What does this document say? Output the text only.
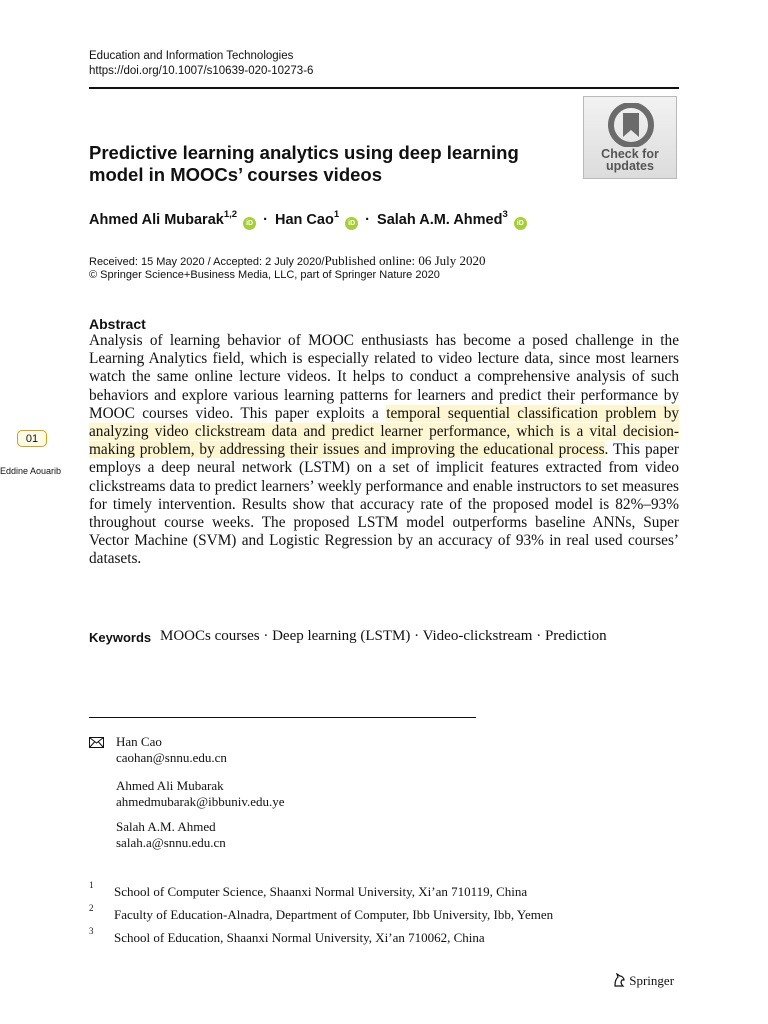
Education and Information Technologies
https://doi.org/10.1007/s10639-020-10273-6
Check for
updates
Predictive learning analytics using deep learning
model in MOOCs’ courses videos
Ahmed Ali Mubarak$^{1,2}$ iD · Han Cao$^1$ iD · Salah A.M. Ahmed$^3$ iD
Received: 15 May 2020 / Accepted: 2 July 2020/Published online: 06 July 2020
© Springer Science+Business Media, LLC, part of Springer Nature 2020
Abstract
Analysis of learning behavior of MOOC enthusiasts has become a posed challenge in the Learning Analytics field, which is especially related to video lecture data, since most learners watch the same online lecture videos. It helps to conduct a comprehensive analysis of such behaviors and explore various learning patterns for learners and predict their performance by MOOC courses video. This paper exploits a temporal sequential classification problem by analyzing video clickstream data and predict learner performance, which is a vital decision-making problem, by addressing their issues and improving the educational process. This paper employs a deep neural network (LSTM) on a set of implicit features extracted from video clickstreams data to predict learners’ weekly performance and enable instructors to set measures for timely intervention. Results show that accuracy rate of the proposed model is 82%–93% throughout course weeks. The proposed LSTM model outperforms baseline ANNs, Super Vector Machine (SVM) and Logistic Regression by an accuracy of 93% in real used courses’ datasets.
01
Eddine Aouarib
Keywords MOOCs courses · Deep learning (LSTM) · Video-clickstream · Prediction
Han Cao
caohan@snnu.edu.cn
Ahmed Ali Mubarak
ahmedmubarak@ibbuniv.edu.ye
Salah A.M. Ahmed
salah.a@snnu.edu.cn
1 School of Computer Science, Shaanxi Normal University, Xi’an 710119, China
2 Faculty of Education-Alnadra, Department of Computer, Ibb University, Ibb, Yemen
3 School of Education, Shaanxi Normal University, Xi’an 710062, China
Springer
